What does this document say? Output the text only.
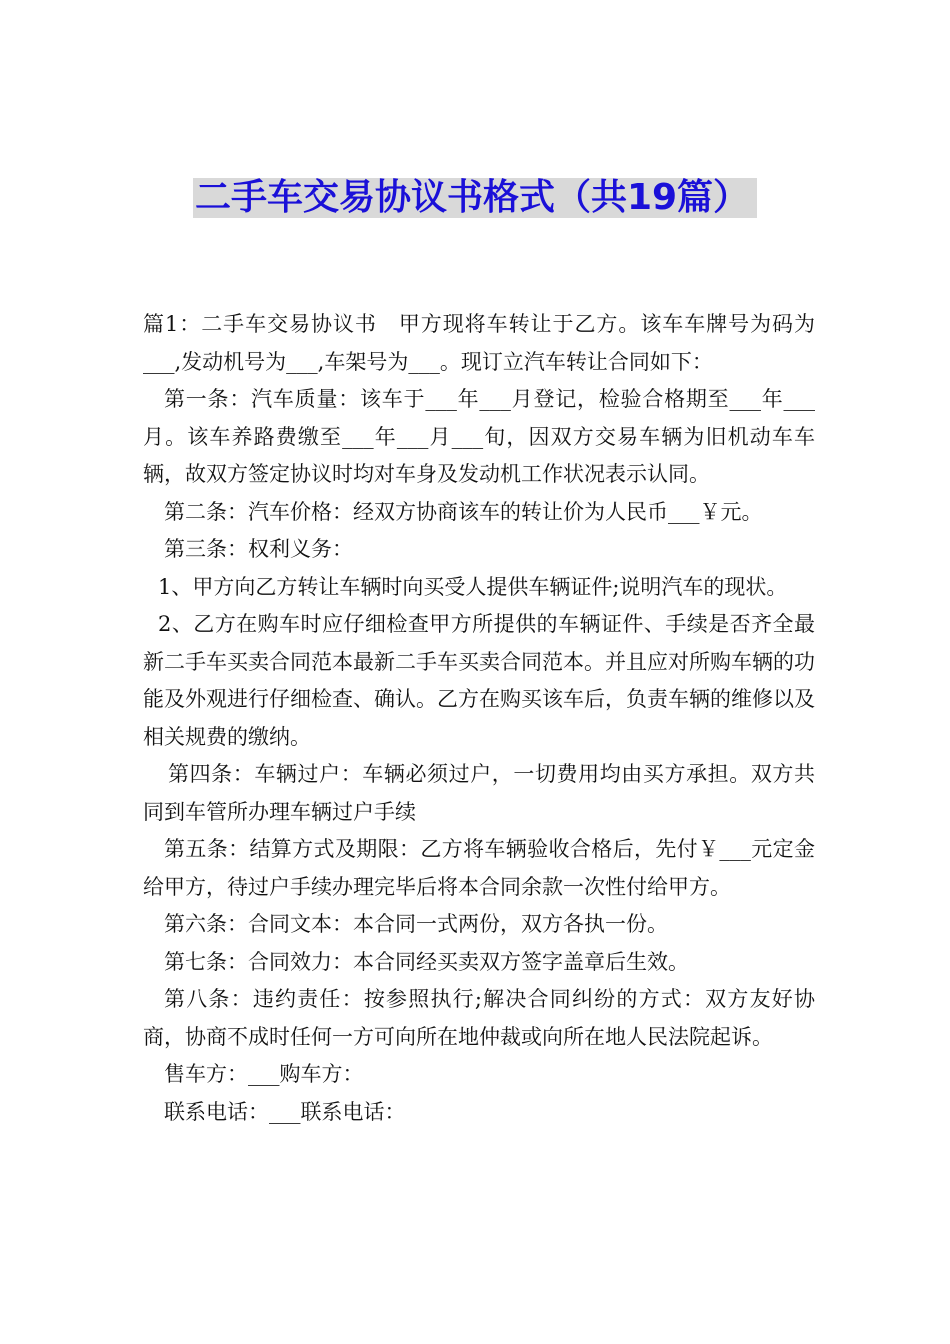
二手车交易协议书格式（共19篇）

篇1：二手车交易协议书　甲方现将车转让于乙方。该车车牌号为码为___,发动机号为___,车架号为___。现订立汽车转让合同如下：

第一条：汽车质量：该车于___年___月登记，检验合格期至___年___月。该车养路费缴至___年___月___旬，因双方交易车辆为旧机动车车辆，故双方签定协议时均对车身及发动机工作状况表示认同。

第二条：汽车价格：经双方协商该车的转让价为人民币___￥元。

第三条：权利义务：

1、甲方向乙方转让车辆时向买受人提供车辆证件;说明汽车的现状。

2、乙方在购车时应仔细检查甲方所提供的车辆证件、手续是否齐全最新二手车买卖合同范本最新二手车买卖合同范本。并且应对所购车辆的功能及外观进行仔细检查、确认。乙方在购买该车后，负责车辆的维修以及相关规费的缴纳。

第四条：车辆过户：车辆必须过户，一切费用均由买方承担。双方共同到车管所办理车辆过户手续

第五条：结算方式及期限：乙方将车辆验收合格后，先付￥___元定金给甲方，待过户手续办理完毕后将本合同余款一次性付给甲方。

第六条：合同文本：本合同一式两份，双方各执一份。

第七条：合同效力：本合同经买卖双方签字盖章后生效。

第八条：违约责任：按参照执行;解决合同纠纷的方式：双方友好协商，协商不成时任何一方可向所在地仲裁或向所在地人民法院起诉。

售车方：___购车方：

联系电话：___联系电话：
